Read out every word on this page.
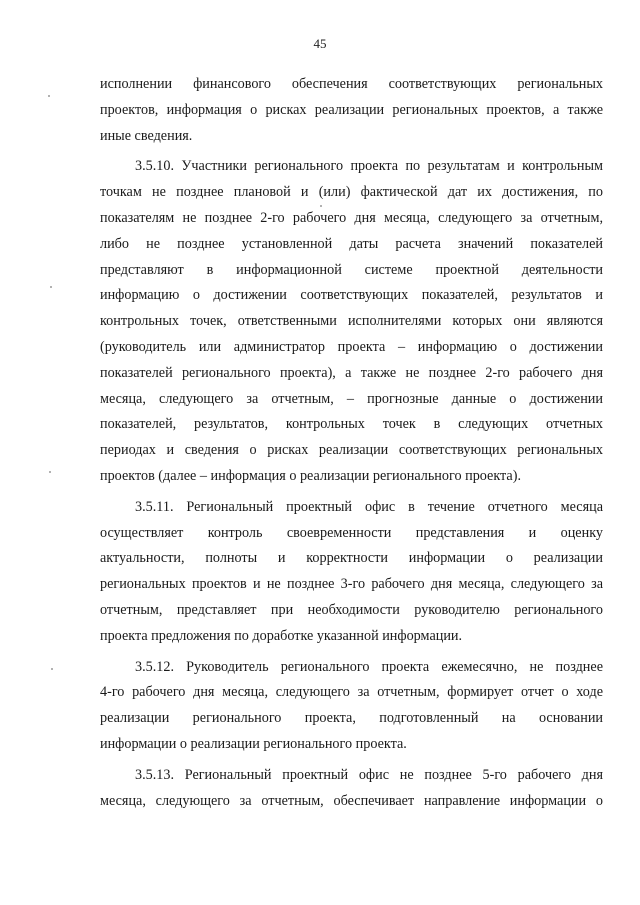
45
исполнении финансового обеспечения соответствующих региональных
проектов, информация о рисках реализации региональных проектов, а также
иные сведения.
3.5.10. Участники регионального проекта по результатам и контрольным
точкам не позднее плановой и (или) фактической дат их достижения, по
показателям не позднее 2-го рабочего дня месяца, следующего за отчетным,
либо не позднее установленной даты расчета значений показателей
представляют в информационной системе проектной деятельности
информацию о достижении соответствующих показателей, результатов и
контрольных точек, ответственными исполнителями которых они являются
(руководитель или администратор проекта – информацию о достижении
показателей регионального проекта), а также не позднее 2-го рабочего дня
месяца, следующего за отчетным, – прогнозные данные о достижении
показателей, результатов, контрольных точек в следующих отчетных
периодах и сведения о рисках реализации соответствующих региональных
проектов (далее – информация о реализации регионального проекта).
3.5.11. Региональный проектный офис в течение отчетного месяца
осуществляет контроль своевременности представления и оценку
актуальности, полноты и корректности информации о реализации
региональных проектов и не позднее 3-го рабочего дня месяца, следующего за
отчетным, представляет при необходимости руководителю регионального
проекта предложения по доработке указанной информации.
3.5.12. Руководитель регионального проекта ежемесячно, не позднее
4-го рабочего дня месяца, следующего за отчетным, формирует отчет о ходе
реализации регионального проекта, подготовленный на основании
информации о реализации регионального проекта.
3.5.13. Региональный проектный офис не позднее 5-го рабочего дня
месяца, следующего за отчетным, обеспечивает направление информации о
